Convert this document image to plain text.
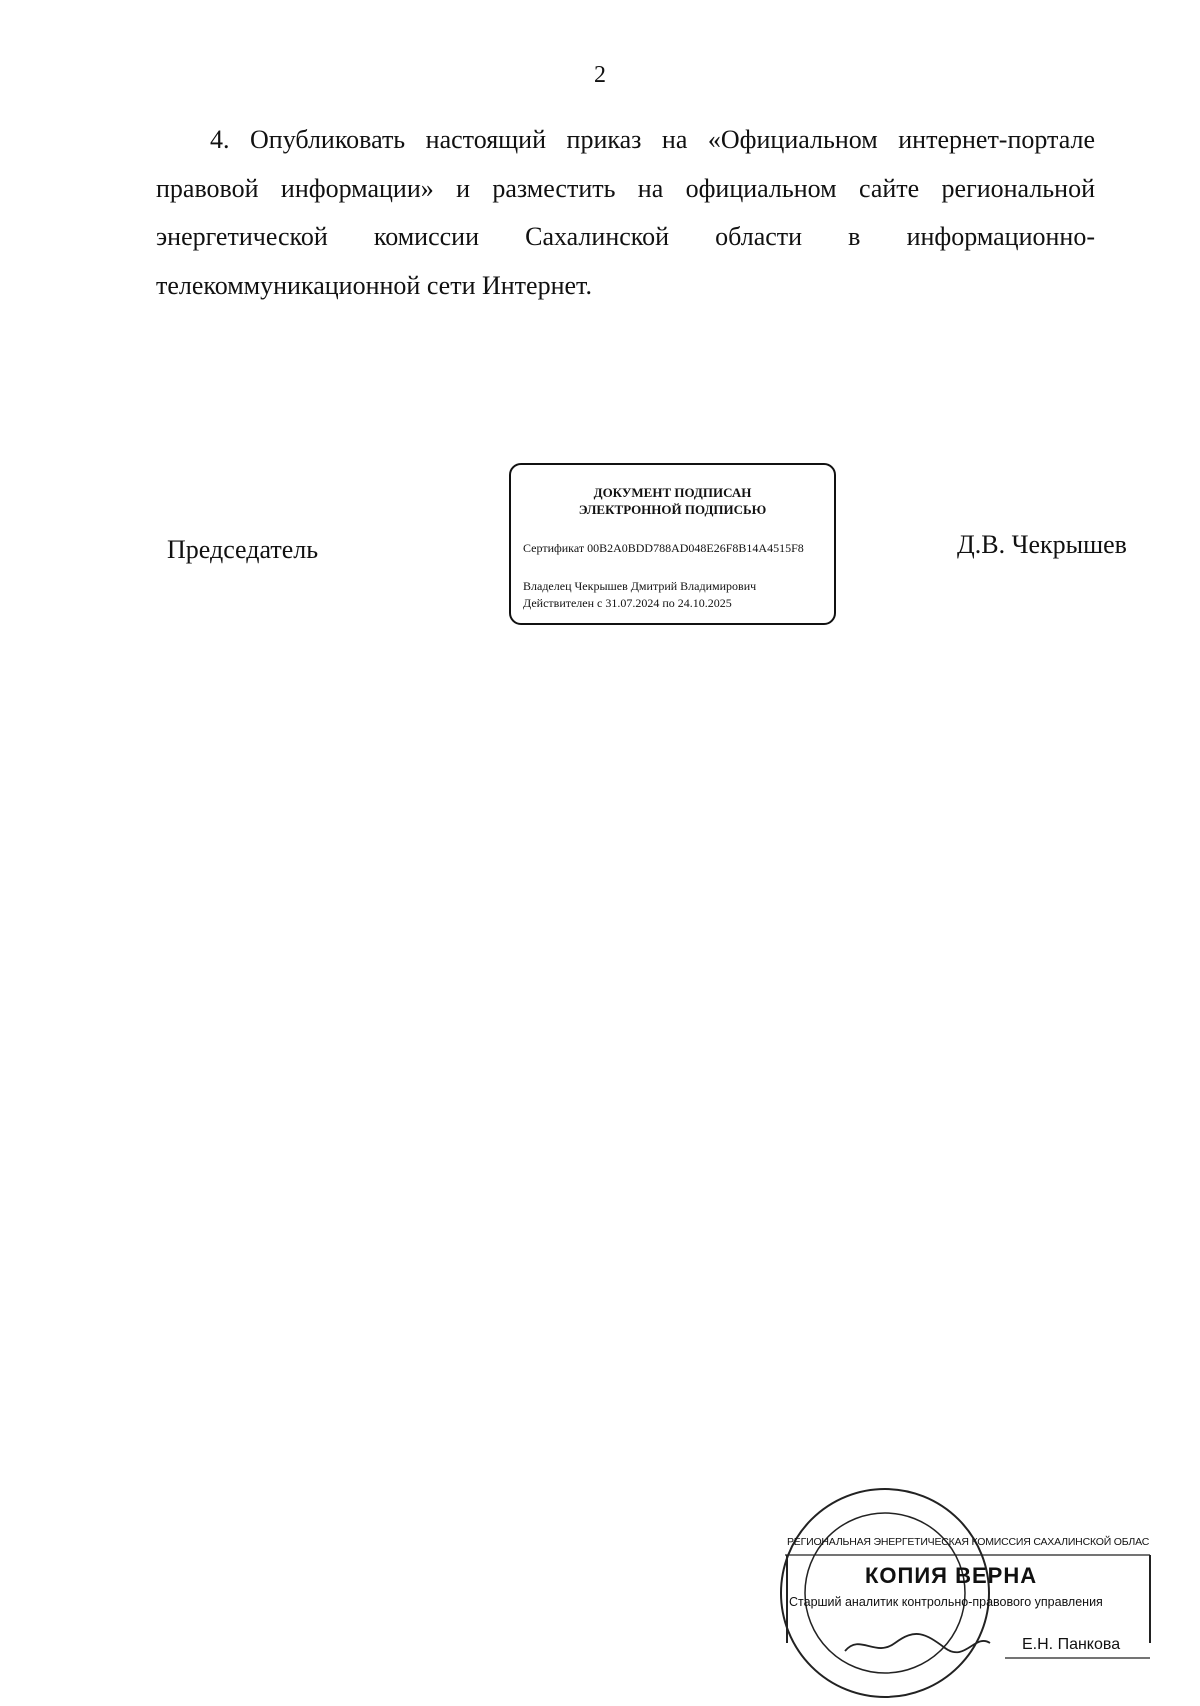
2

4. Опубликовать настоящий приказ на «Официальном интернет-портале правовой информации» и разместить на официальном сайте региональной энергетической комиссии Сахалинской области в информационно-телекоммуникационной сети Интернет.

Председатель
ДОКУМЕНТ ПОДПИСАН
ЭЛЕКТРОННОЙ ПОДПИСЬЮ
Сертификат 00B2A0BDD788AD048E26F8B14A4515F8
Владелец Чекрышев Дмитрий Владимирович
Действителен с 31.07.2024 по 24.10.2025
Д.В. Чекрышев
РЕГИОНАЛЬНАЯ ЭНЕРГЕТИЧЕСКАЯ КОМИССИЯ САХАЛИНСКОЙ ОБЛАС
КОПИЯ ВЕРНА
Старший аналитик контрольно-правового управления
Е.Н. Панкова
